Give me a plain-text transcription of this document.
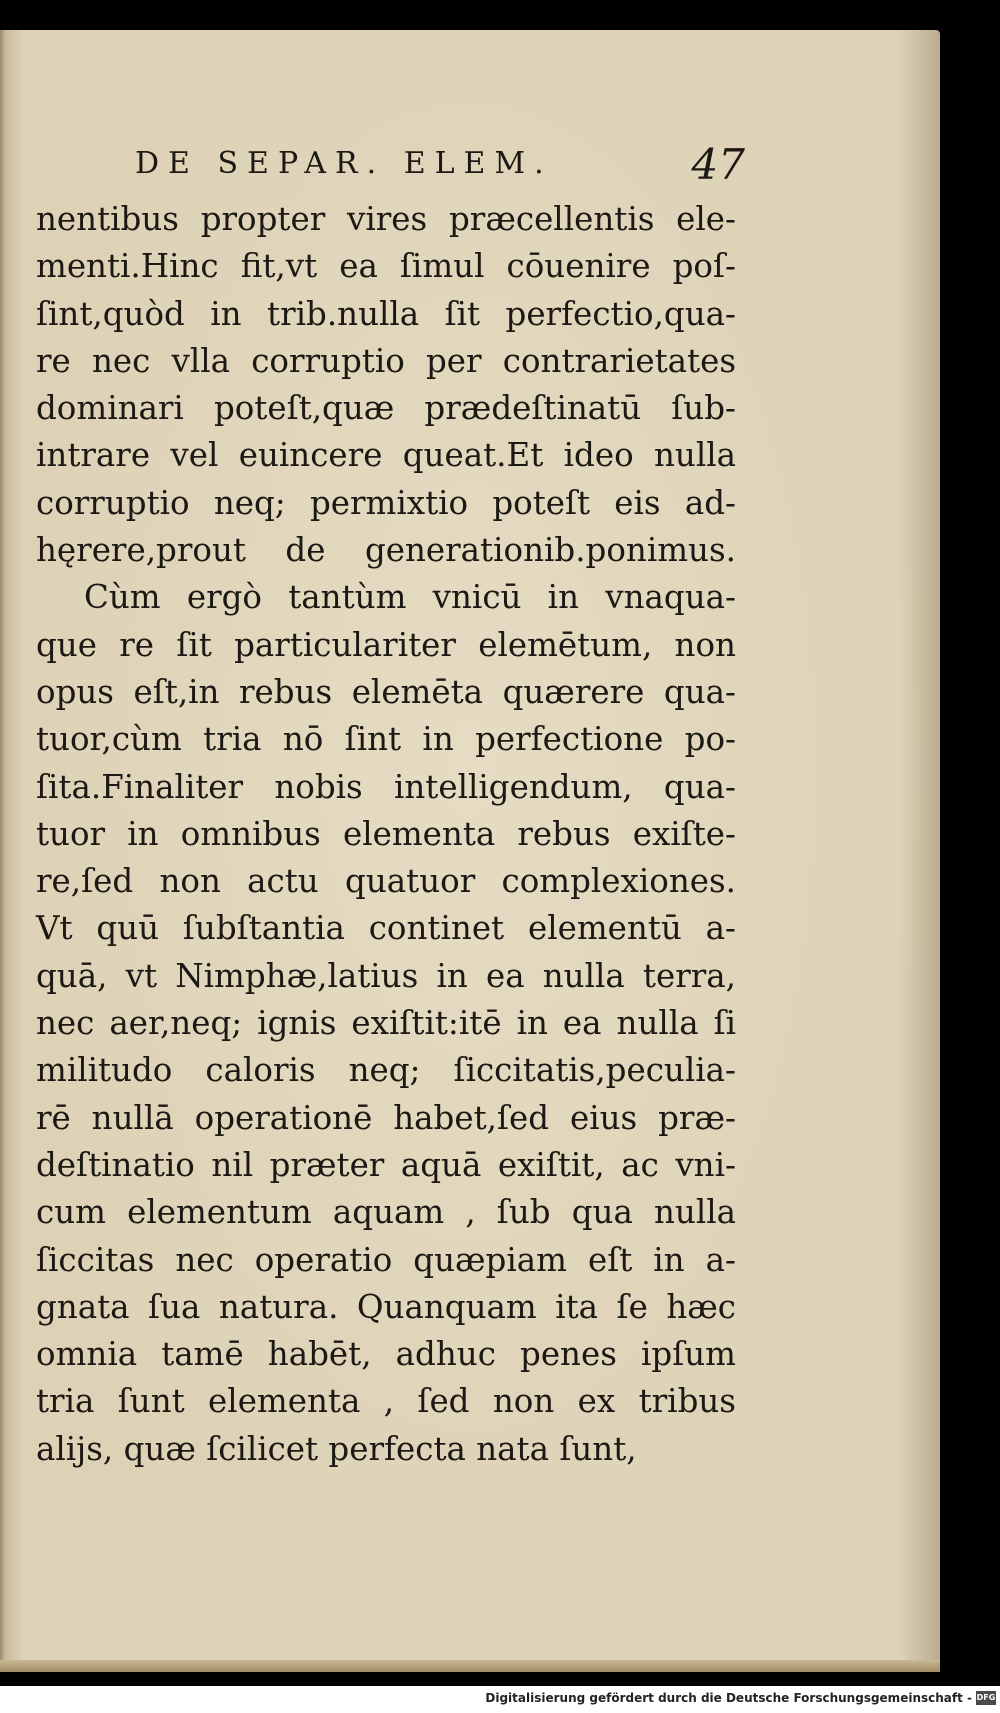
DE SEPAR. ELEM.	47
nentibus propter vires præcellentis ele-
menti.Hinc fit,vt ea ſimul cōuenire poſ-
ſint,quòd in trib.nulla ſit perfectio,qua-
re nec vlla corruptio per contrarietates
dominari poteſt,quæ prædeſtinatū ſub-
intrare vel euincere queat.Et ideo nulla
corruptio neq; permixtio poteſt eis ad-
hęrere,prout de generationib.ponimus.
Cùm ergò tantùm vnicū in vnaqua-
que re ſit particulariter elemētum, non
opus eſt,in rebus elemēta quærere qua-
tuor,cùm tria nō ſint in perfectione po-
ſita.Finaliter nobis intelligendum, qua-
tuor in omnibus elementa rebus exiſte-
re,ſed non actu quatuor complexiones.
Vt quū ſubſtantia continet elementū a-
quā, vt Nimphæ,latius in ea nulla terra,
nec aer,neq; ignis exiſtit:itē in ea nulla ſi
militudo caloris neq; ſiccitatis,peculia-
rē nullā operationē habet,ſed eius præ-
deſtinatio nil præter aquā exiſtit, ac vni-
cum elementum aquam , ſub qua nulla
ſiccitas nec operatio quæpiam eſt in a-
gnata ſua natura. Quanquam ita ſe hæc
omnia tamē habēt, adhuc penes ipſum
tria ſunt elementa , ſed non ex tribus
alijs, quæ ſcilicet perfecta nata ſunt,
Digitalisierung gefördert durch die Deutsche Forschungsgemeinschaft - DFG
